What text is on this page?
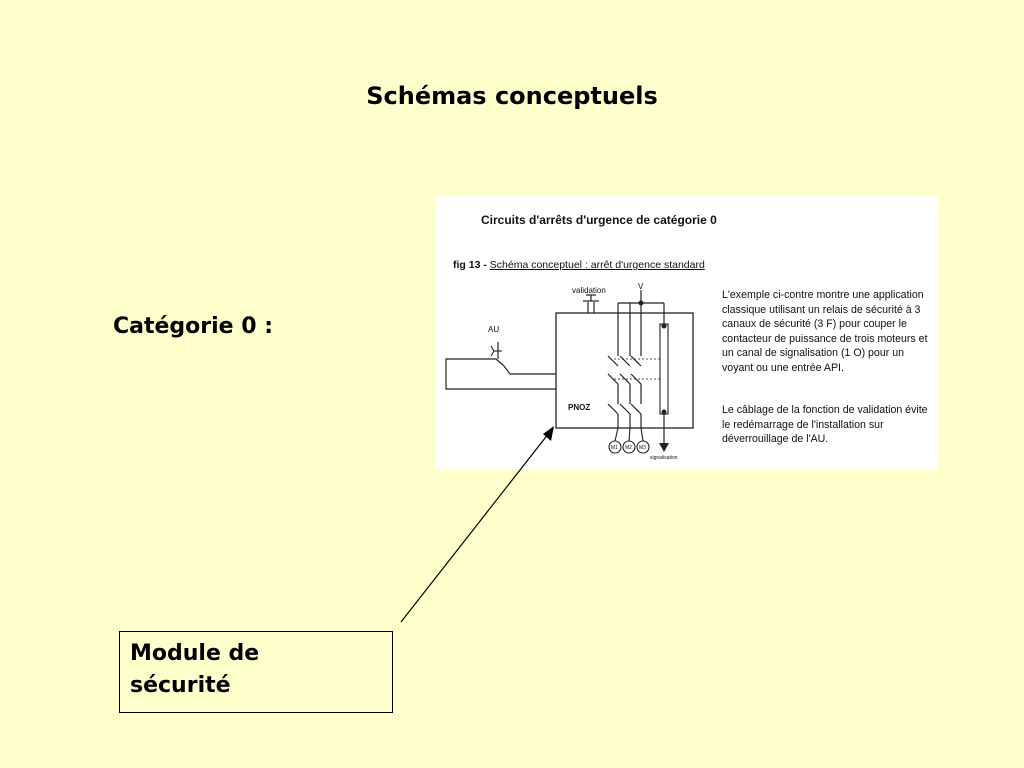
Schémas conceptuels
Catégorie 0 :
validation	V
AU
PNOZ
M1 M2 M3
signalisation
Circuits d'arrêts d'urgence de catégorie 0
fig 13 - Schéma conceptuel : arrêt d'urgence standard
L'exemple ci-contre montre une application classique utilisant un relais de sécurité à 3 canaux de sécurité (3 F) pour couper le contacteur de puissance de trois moteurs et un canal de signalisation (1 O) pour un voyant ou une entrée API.
Le câblage de la fonction de validation évite le redémarrage de l'installation sur déverrouillage de l'AU.
Module de
sécurité
